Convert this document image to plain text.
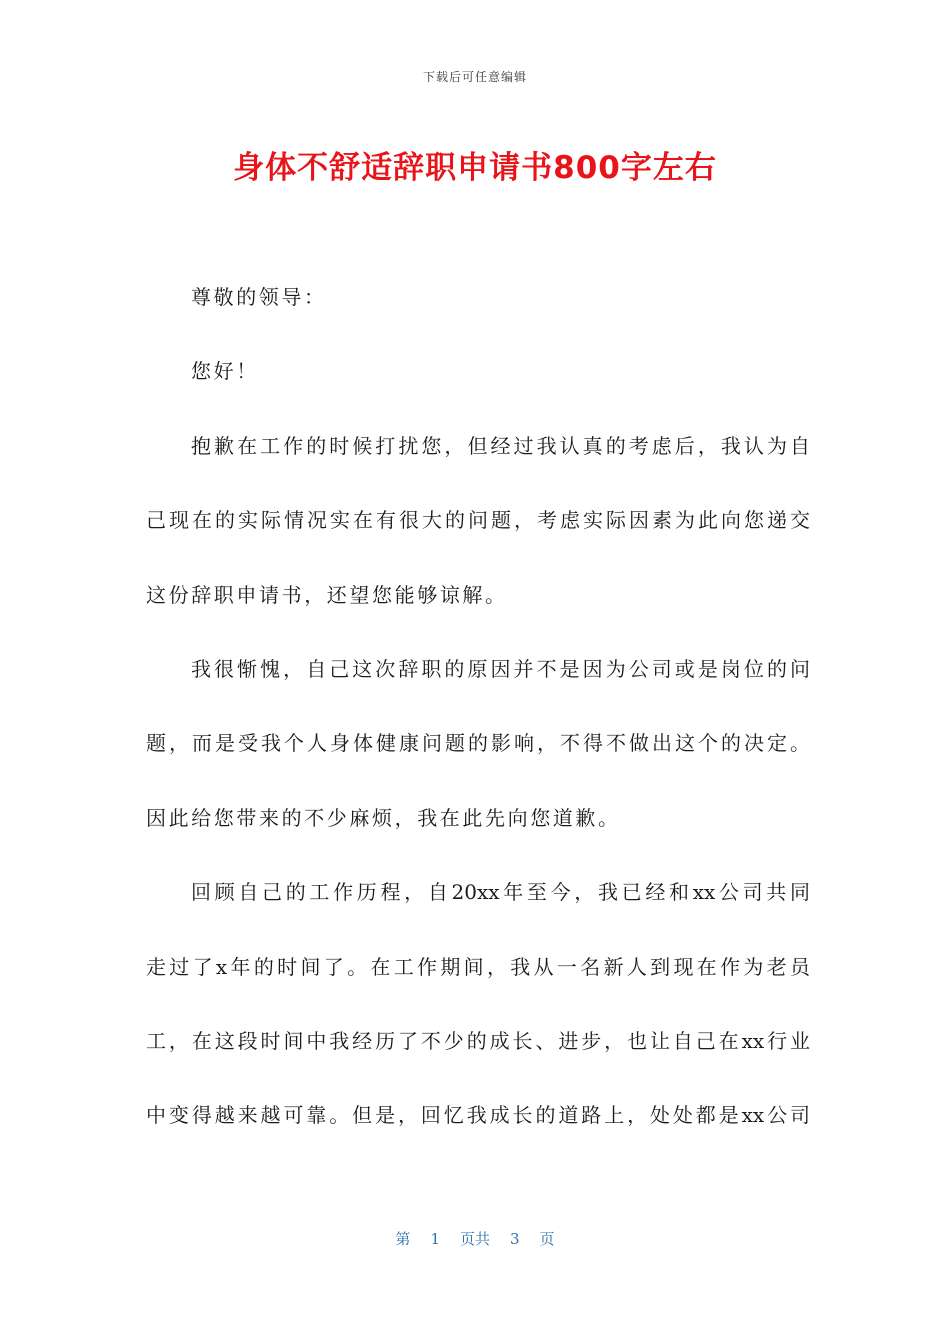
下载后可任意编辑
身体不舒适辞职申请书800字左右
尊敬的领导：
您好！
抱歉在工作的时候打扰您，但经过我认真的考虑后，我认为自
己现在的实际情况实在有很大的问题，考虑实际因素为此向您递交
这份辞职申请书，还望您能够谅解。
我很惭愧，自己这次辞职的原因并不是因为公司或是岗位的问
题，而是受我个人身体健康问题的影响，不得不做出这个的决定。
因此给您带来的不少麻烦，我在此先向您道歉。
回顾自己的工作历程，自20xx年至今，我已经和xx公司共同
走过了x年的时间了。在工作期间，我从一名新人到现在作为老员
工，在这段时间中我经历了不少的成长、进步，也让自己在xx行业
中变得越来越可靠。但是，回忆我成长的道路上，处处都是xx公司
第 1 页共 3 页
